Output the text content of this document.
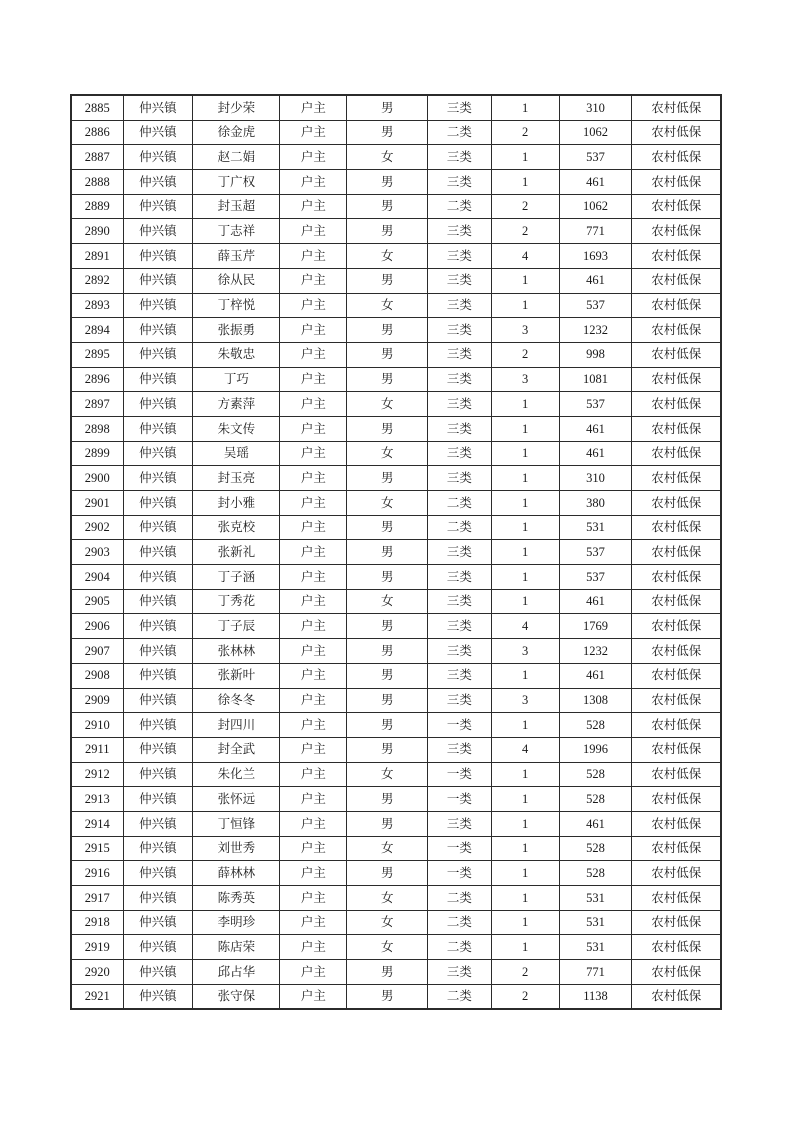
2885	仲兴镇	封少荣	户主	男	三类	1	310	农村低保
2886	仲兴镇	徐金虎	户主	男	二类	2	1062	农村低保
2887	仲兴镇	赵二娟	户主	女	三类	1	537	农村低保
2888	仲兴镇	丁广权	户主	男	三类	1	461	农村低保
2889	仲兴镇	封玉超	户主	男	二类	2	1062	农村低保
2890	仲兴镇	丁志祥	户主	男	三类	2	771	农村低保
2891	仲兴镇	薛玉芹	户主	女	三类	4	1693	农村低保
2892	仲兴镇	徐从民	户主	男	三类	1	461	农村低保
2893	仲兴镇	丁梓悦	户主	女	三类	1	537	农村低保
2894	仲兴镇	张振勇	户主	男	三类	3	1232	农村低保
2895	仲兴镇	朱敬忠	户主	男	三类	2	998	农村低保
2896	仲兴镇	丁巧	户主	男	三类	3	1081	农村低保
2897	仲兴镇	方素萍	户主	女	三类	1	537	农村低保
2898	仲兴镇	朱文传	户主	男	三类	1	461	农村低保
2899	仲兴镇	吴瑶	户主	女	三类	1	461	农村低保
2900	仲兴镇	封玉亮	户主	男	三类	1	310	农村低保
2901	仲兴镇	封小雅	户主	女	二类	1	380	农村低保
2902	仲兴镇	张克校	户主	男	二类	1	531	农村低保
2903	仲兴镇	张新礼	户主	男	三类	1	537	农村低保
2904	仲兴镇	丁子涵	户主	男	三类	1	537	农村低保
2905	仲兴镇	丁秀花	户主	女	三类	1	461	农村低保
2906	仲兴镇	丁子辰	户主	男	三类	4	1769	农村低保
2907	仲兴镇	张林林	户主	男	三类	3	1232	农村低保
2908	仲兴镇	张新叶	户主	男	三类	1	461	农村低保
2909	仲兴镇	徐冬冬	户主	男	三类	3	1308	农村低保
2910	仲兴镇	封四川	户主	男	一类	1	528	农村低保
2911	仲兴镇	封全武	户主	男	三类	4	1996	农村低保
2912	仲兴镇	朱化兰	户主	女	一类	1	528	农村低保
2913	仲兴镇	张怀远	户主	男	一类	1	528	农村低保
2914	仲兴镇	丁恒锋	户主	男	三类	1	461	农村低保
2915	仲兴镇	刘世秀	户主	女	一类	1	528	农村低保
2916	仲兴镇	薛林林	户主	男	一类	1	528	农村低保
2917	仲兴镇	陈秀英	户主	女	二类	1	531	农村低保
2918	仲兴镇	李明珍	户主	女	二类	1	531	农村低保
2919	仲兴镇	陈店荣	户主	女	二类	1	531	农村低保
2920	仲兴镇	邱占华	户主	男	三类	2	771	农村低保
2921	仲兴镇	张守保	户主	男	二类	2	1138	农村低保
